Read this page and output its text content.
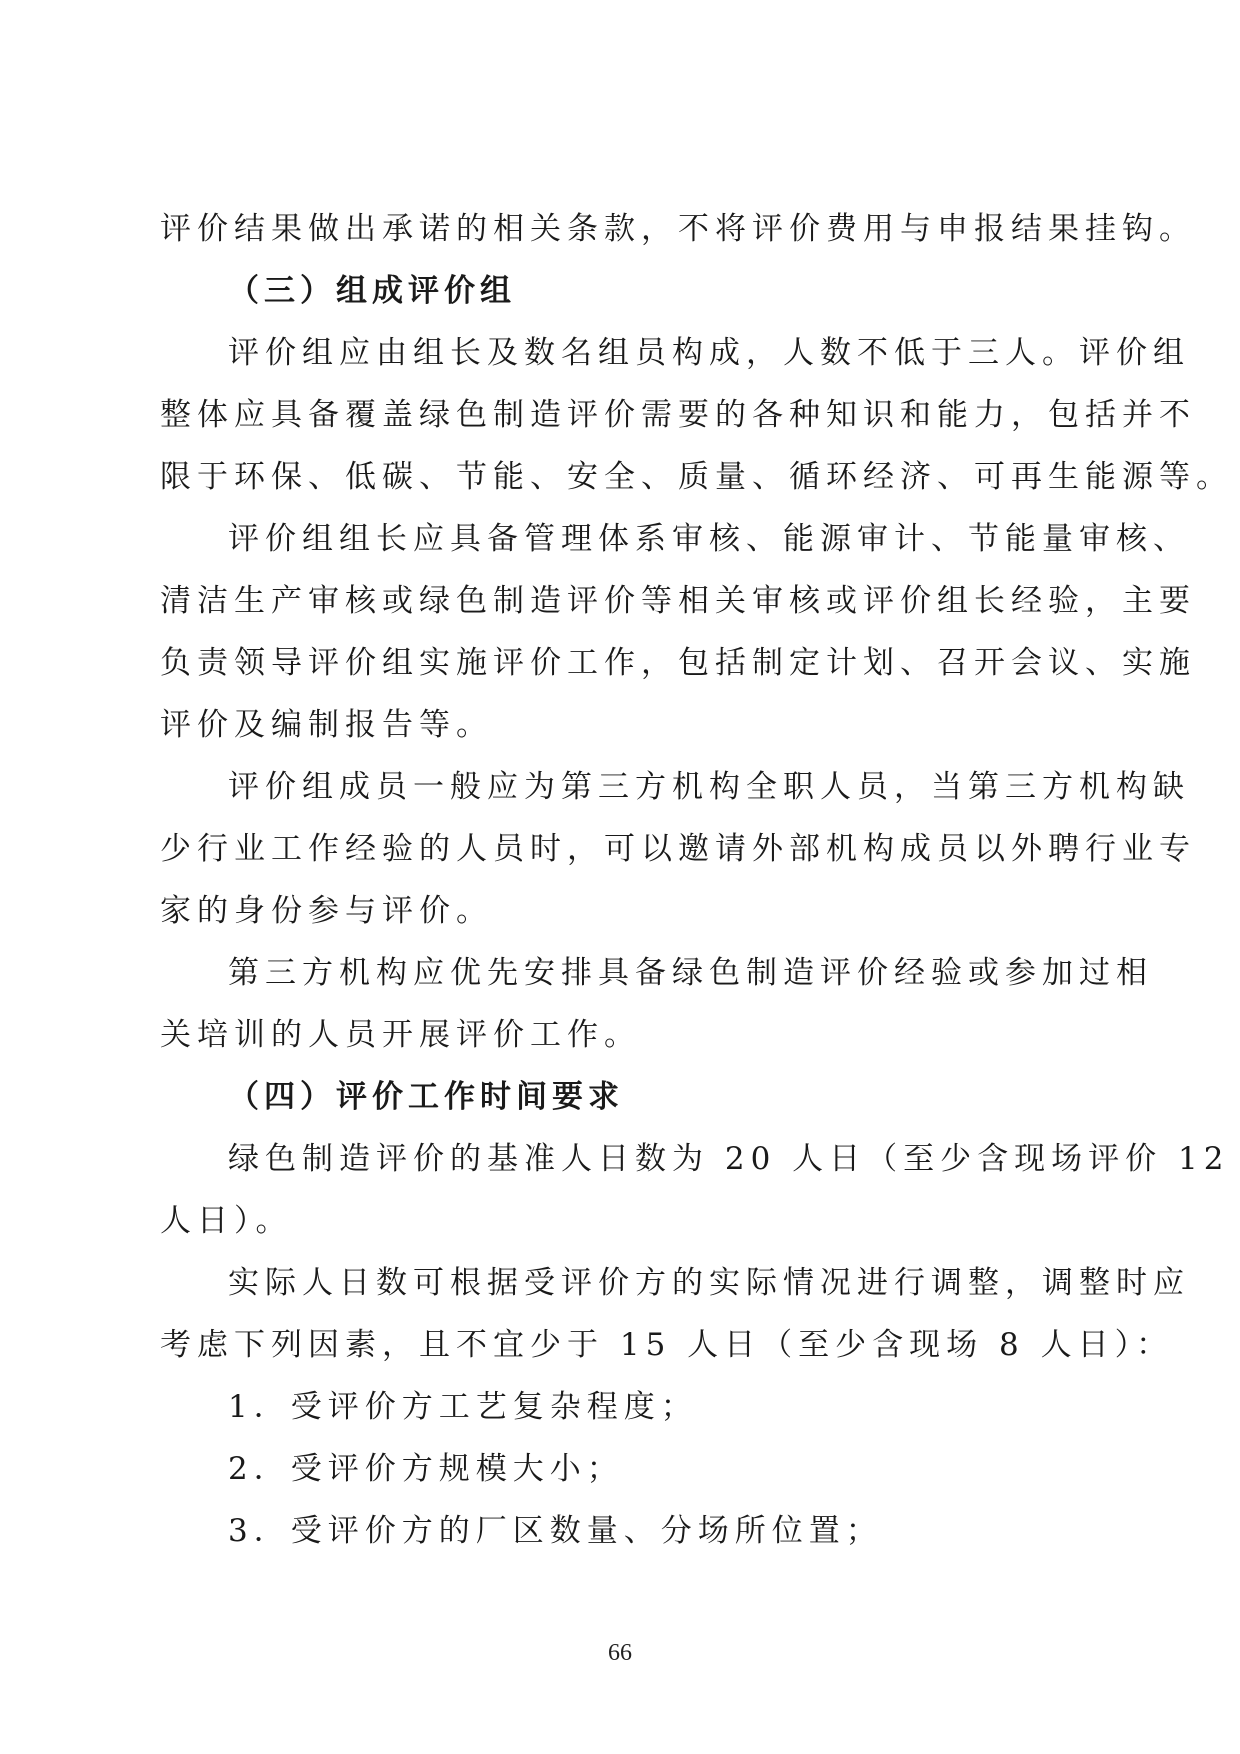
评价结果做出承诺的相关条款，不将评价费用与申报结果挂钩。
（三）组成评价组
评价组应由组长及数名组员构成，人数不低于三人。评价组
整体应具备覆盖绿色制造评价需要的各种知识和能力，包括并不
限于环保、低碳、节能、安全、质量、循环经济、可再生能源等。
评价组组长应具备管理体系审核、能源审计、节能量审核、
清洁生产审核或绿色制造评价等相关审核或评价组长经验，主要
负责领导评价组实施评价工作，包括制定计划、召开会议、实施
评价及编制报告等。
评价组成员一般应为第三方机构全职人员，当第三方机构缺
少行业工作经验的人员时，可以邀请外部机构成员以外聘行业专
家的身份参与评价。
第三方机构应优先安排具备绿色制造评价经验或参加过相
关培训的人员开展评价工作。
（四）评价工作时间要求
绿色制造评价的基准人日数为 20 人日（至少含现场评价 12
人日）。
实际人日数可根据受评价方的实际情况进行调整，调整时应
考虑下列因素，且不宜少于 15 人日（至少含现场 8 人日）：
1．受评价方工艺复杂程度；
2．受评价方规模大小；
3．受评价方的厂区数量、分场所位置；
66
